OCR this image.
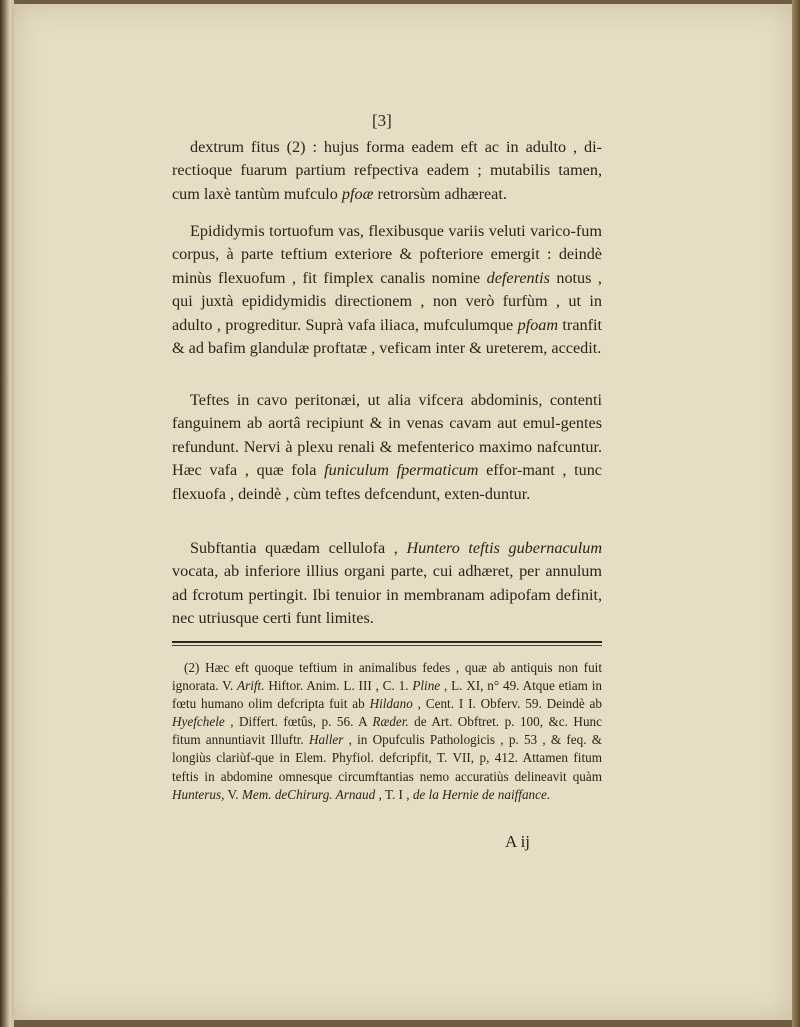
[3]
dextrum fitus (2) : hujus forma eadem eft ac in adulto , di-rectioque fuarum partium refpectiva eadem ; mutabilis tamen, cum laxè tantùm mufculo pfoæ retrorsùm adhæreat.
Epididymis tortuofum vas, flexibusque variis veluti varico-fum corpus, à parte teftium exteriore & pofteriore emergit : deindè minùs flexuofum , fit fimplex canalis nomine deferentis notus , qui juxtà epididymidis directionem , non verò furfùm , ut in adulto , progreditur. Suprà vafa iliaca, mufculumque pfoam tranfit & ad bafim glandulæ proftatæ , veficam inter & ureterem, accedit.
Teftes in cavo peritonæi, ut alia vifcera abdominis, contenti fanguinem ab aortâ recipiunt & in venas cavam aut emul-gentes refundunt. Nervi à plexu renali & mefenterico maximo nafcuntur. Hæc vafa , quæ fola funiculum fpermaticum effor-mant , tunc flexuofa , deindè , cùm teftes defcendunt, exten-duntur.
Subftantia quædam cellulofa , Huntero teftis gubernaculum vocata, ab inferiore illius organi parte, cui adhæret, per annulum ad fcrotum pertingit. Ibi tenuior in membranam adipofam definit, nec utriusque certi funt limites.

(2) Hæc eft quoque teftium in animalibus fedes , quæ ab antiquis non fuit ignorata. V. Arift. Hiftor. Anim. L. III , C. 1. Pline , L. XI, n° 49. Atque etiam in fœtu humano olim defcripta fuit ab Hildano , Cent. I I. Obferv. 59. Deindè ab Hyefchele , Differt. fœtûs, p. 56. A Ræder. de Art. Obftret. p. 100, &c. Hunc fitum annuntiavit Illuftr. Haller , in Opufculis Pathologicis , p. 53 , & feq. & longiùs clariùf-que in Elem. Phyfiol. defcripfit, T. VII, p, 412. Attamen fitum teftis in abdomine omnesque circumftantias nemo accuratiùs delineavit quàm Hunterus, V. Mem. deChirurg. Arnaud , T. I , de la Hernie de naiffance.

A ij
